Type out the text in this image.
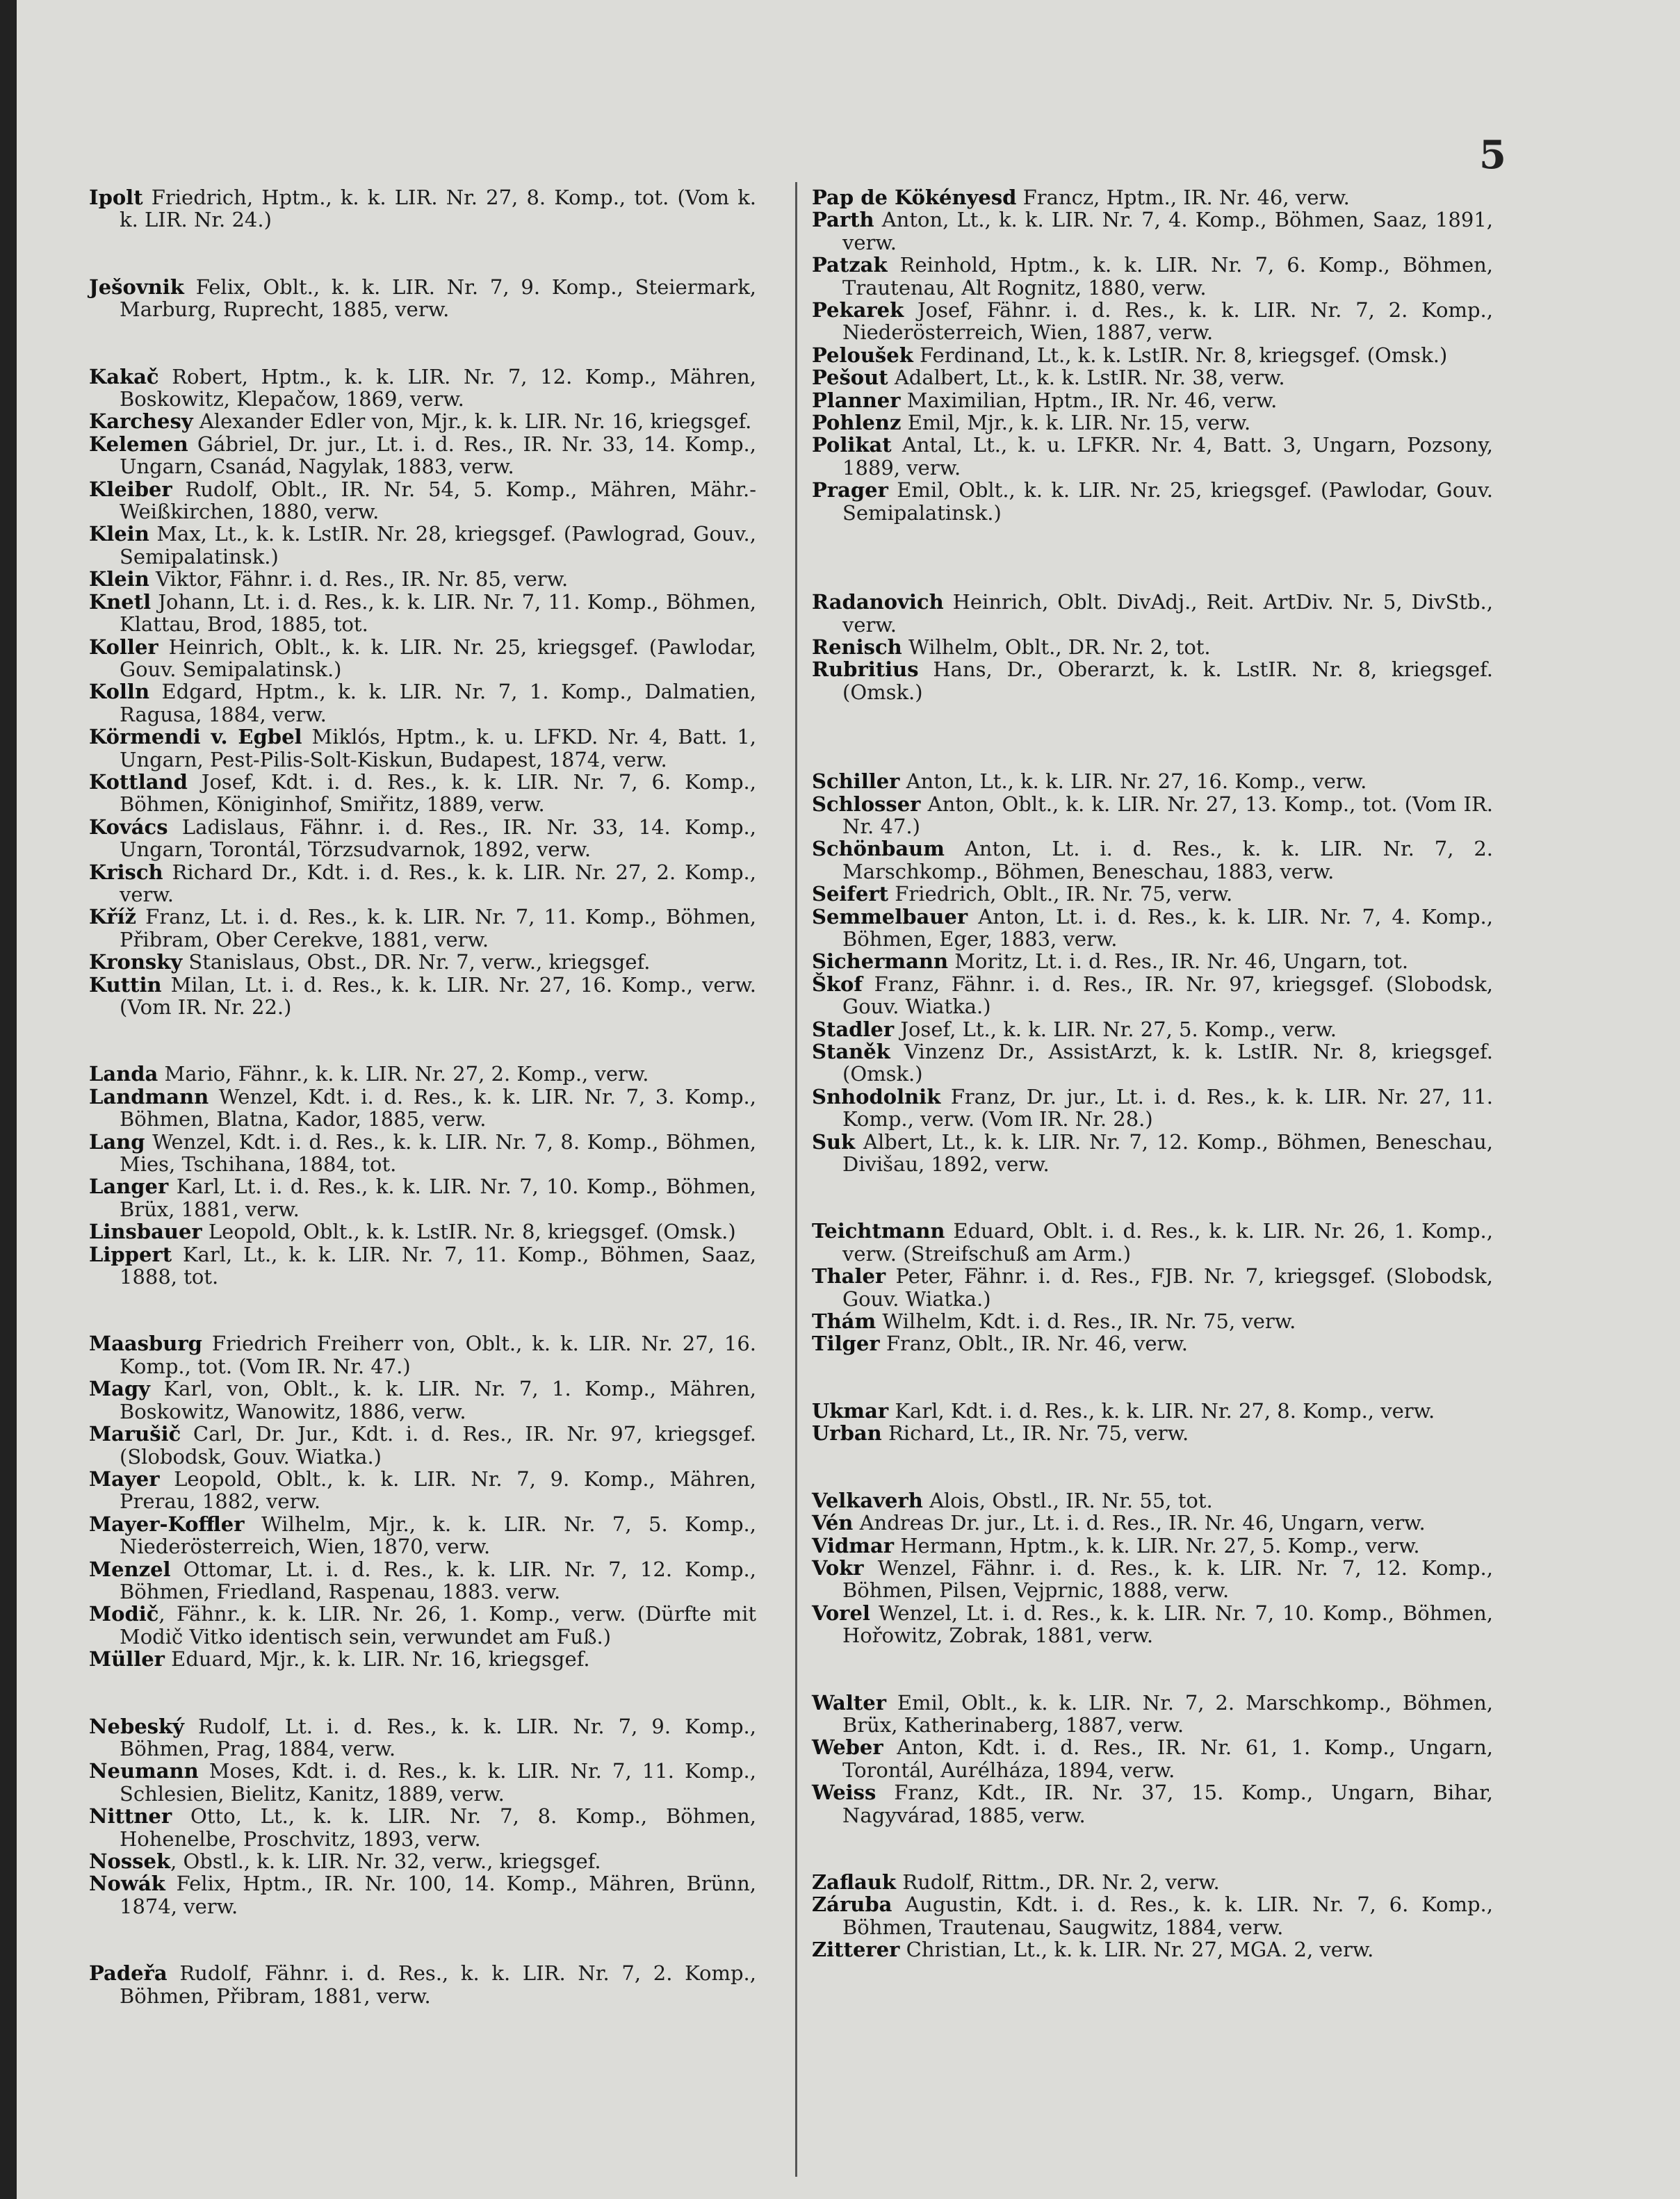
5

Ipolt Friedrich, Hptm., k. k. LIR. Nr. 27, 8. Komp., tot. (Vom k. k. LIR. Nr. 24.)

Ješovnik Felix, Oblt., k. k. LIR. Nr. 7, 9. Komp., Steiermark, Marburg, Ruprecht, 1885, verw.

Kakač Robert, Hptm., k. k. LIR. Nr. 7, 12. Komp., Mähren, Boskowitz, Klepačow, 1869, verw.

Karchesy Alexander Edler von, Mjr., k. k. LIR. Nr. 16, kriegsgef.

Kelemen Gábriel, Dr. jur., Lt. i. d. Res., IR. Nr. 33, 14. Komp., Ungarn, Csanád, Nagylak, 1883, verw.

Kleiber Rudolf, Oblt., IR. Nr. 54, 5. Komp., Mähren, Mähr.-Weißkirchen, 1880, verw.

Klein Max, Lt., k. k. LstIR. Nr. 28, kriegsgef. (Pawlograd, Gouv., Semipalatinsk.)

Klein Viktor, Fähnr. i. d. Res., IR. Nr. 85, verw.

Knetl Johann, Lt. i. d. Res., k. k. LIR. Nr. 7, 11. Komp., Böhmen, Klattau, Brod, 1885, tot.

Koller Heinrich, Oblt., k. k. LIR. Nr. 25, kriegsgef. (Pawlodar, Gouv. Semipalatinsk.)

Kolln Edgard, Hptm., k. k. LIR. Nr. 7, 1. Komp., Dalmatien, Ragusa, 1884, verw.

Körmendi v. Egbel Miklós, Hptm., k. u. LFKD. Nr. 4, Batt. 1, Ungarn, Pest-Pilis-Solt-Kiskun, Budapest, 1874, verw.

Kottland Josef, Kdt. i. d. Res., k. k. LIR. Nr. 7, 6. Komp., Böhmen, Königinhof, Smiřitz, 1889, verw.

Kovács Ladislaus, Fähnr. i. d. Res., IR. Nr. 33, 14. Komp., Ungarn, Torontál, Törzsudvarnok, 1892, verw.

Krisch Richard Dr., Kdt. i. d. Res., k. k. LIR. Nr. 27, 2. Komp., verw.

Kříž Franz, Lt. i. d. Res., k. k. LIR. Nr. 7, 11. Komp., Böhmen, Přibram, Ober Cerekve, 1881, verw.

Kronsky Stanislaus, Obst., DR. Nr. 7, verw., kriegsgef.

Kuttin Milan, Lt. i. d. Res., k. k. LIR. Nr. 27, 16. Komp., verw. (Vom IR. Nr. 22.)

Landa Mario, Fähnr., k. k. LIR. Nr. 27, 2. Komp., verw.

Landmann Wenzel, Kdt. i. d. Res., k. k. LIR. Nr. 7, 3. Komp., Böhmen, Blatna, Kador, 1885, verw.

Lang Wenzel, Kdt. i. d. Res., k. k. LIR. Nr. 7, 8. Komp., Böhmen, Mies, Tschihana, 1884, tot.

Langer Karl, Lt. i. d. Res., k. k. LIR. Nr. 7, 10. Komp., Böhmen, Brüx, 1881, verw.

Linsbauer Leopold, Oblt., k. k. LstIR. Nr. 8, kriegsgef. (Omsk.)

Lippert Karl, Lt., k. k. LIR. Nr. 7, 11. Komp., Böhmen, Saaz, 1888, tot.

Maasburg Friedrich Freiherr von, Oblt., k. k. LIR. Nr. 27, 16. Komp., tot. (Vom IR. Nr. 47.)

Magy Karl, von, Oblt., k. k. LIR. Nr. 7, 1. Komp., Mähren, Boskowitz, Wanowitz, 1886, verw.

Marušič Carl, Dr. Jur., Kdt. i. d. Res., IR. Nr. 97, kriegsgef. (Slobodsk, Gouv. Wiatka.)

Mayer Leopold, Oblt., k. k. LIR. Nr. 7, 9. Komp., Mähren, Prerau, 1882, verw.

Mayer-Koffler Wilhelm, Mjr., k. k. LIR. Nr. 7, 5. Komp., Niederösterreich, Wien, 1870, verw.

Menzel Ottomar, Lt. i. d. Res., k. k. LIR. Nr. 7, 12. Komp., Böhmen, Friedland, Raspenau, 1883. verw.

Modič, Fähnr., k. k. LIR. Nr. 26, 1. Komp., verw. (Dürfte mit Modič Vitko identisch sein, verwundet am Fuß.)

Müller Eduard, Mjr., k. k. LIR. Nr. 16, kriegsgef.

Nebeský Rudolf, Lt. i. d. Res., k. k. LIR. Nr. 7, 9. Komp., Böhmen, Prag, 1884, verw.

Neumann Moses, Kdt. i. d. Res., k. k. LIR. Nr. 7, 11. Komp., Schlesien, Bielitz, Kanitz, 1889, verw.

Nittner Otto, Lt., k. k. LIR. Nr. 7, 8. Komp., Böhmen, Hohenelbe, Proschvitz, 1893, verw.

Nossek, Obstl., k. k. LIR. Nr. 32, verw., kriegsgef.

Nowák Felix, Hptm., IR. Nr. 100, 14. Komp., Mähren, Brünn, 1874, verw.

Padeřa Rudolf, Fähnr. i. d. Res., k. k. LIR. Nr. 7, 2. Komp., Böhmen, Přibram, 1881, verw.

Pap de Kökényesd Francz, Hptm., IR. Nr. 46, verw.

Parth Anton, Lt., k. k. LIR. Nr. 7, 4. Komp., Böhmen, Saaz, 1891, verw.

Patzak Reinhold, Hptm., k. k. LIR. Nr. 7, 6. Komp., Böhmen, Trautenau, Alt Rognitz, 1880, verw.

Pekarek Josef, Fähnr. i. d. Res., k. k. LIR. Nr. 7, 2. Komp., Niederösterreich, Wien, 1887, verw.

Peloušek Ferdinand, Lt., k. k. LstIR. Nr. 8, kriegsgef. (Omsk.)

Pešout Adalbert, Lt., k. k. LstIR. Nr. 38, verw.

Planner Maximilian, Hptm., IR. Nr. 46, verw.

Pohlenz Emil, Mjr., k. k. LIR. Nr. 15, verw.

Polikat Antal, Lt., k. u. LFKR. Nr. 4, Batt. 3, Ungarn, Pozsony, 1889, verw.

Prager Emil, Oblt., k. k. LIR. Nr. 25, kriegsgef. (Pawlodar, Gouv. Semipalatinsk.)

Radanovich Heinrich, Oblt. DivAdj., Reit. ArtDiv. Nr. 5, DivStb., verw.

Renisch Wilhelm, Oblt., DR. Nr. 2, tot.

Rubritius Hans, Dr., Oberarzt, k. k. LstIR. Nr. 8, kriegsgef. (Omsk.)

Schiller Anton, Lt., k. k. LIR. Nr. 27, 16. Komp., verw.

Schlosser Anton, Oblt., k. k. LIR. Nr. 27, 13. Komp., tot. (Vom IR. Nr. 47.)

Schönbaum Anton, Lt. i. d. Res., k. k. LIR. Nr. 7, 2. Marschkomp., Böhmen, Beneschau, 1883, verw.

Seifert Friedrich, Oblt., IR. Nr. 75, verw.

Semmelbauer Anton, Lt. i. d. Res., k. k. LIR. Nr. 7, 4. Komp., Böhmen, Eger, 1883, verw.

Sichermann Moritz, Lt. i. d. Res., IR. Nr. 46, Ungarn, tot.

Škof Franz, Fähnr. i. d. Res., IR. Nr. 97, kriegsgef. (Slobodsk, Gouv. Wiatka.)

Stadler Josef, Lt., k. k. LIR. Nr. 27, 5. Komp., verw.

Staněk Vinzenz Dr., AssistArzt, k. k. LstIR. Nr. 8, kriegsgef. (Omsk.)

Snhodolnik Franz, Dr. jur., Lt. i. d. Res., k. k. LIR. Nr. 27, 11. Komp., verw. (Vom IR. Nr. 28.)

Suk Albert, Lt., k. k. LIR. Nr. 7, 12. Komp., Böhmen, Beneschau, Divišau, 1892, verw.

Teichtmann Eduard, Oblt. i. d. Res., k. k. LIR. Nr. 26, 1. Komp., verw. (Streifschuß am Arm.)

Thaler Peter, Fähnr. i. d. Res., FJB. Nr. 7, kriegsgef. (Slobodsk, Gouv. Wiatka.)

Thám Wilhelm, Kdt. i. d. Res., IR. Nr. 75, verw.

Tilger Franz, Oblt., IR. Nr. 46, verw.

Ukmar Karl, Kdt. i. d. Res., k. k. LIR. Nr. 27, 8. Komp., verw.

Urban Richard, Lt., IR. Nr. 75, verw.

Velkaverh Alois, Obstl., IR. Nr. 55, tot.

Vén Andreas Dr. jur., Lt. i. d. Res., IR. Nr. 46, Ungarn, verw.

Vidmar Hermann, Hptm., k. k. LIR. Nr. 27, 5. Komp., verw.

Vokr Wenzel, Fähnr. i. d. Res., k. k. LIR. Nr. 7, 12. Komp., Böhmen, Pilsen, Vejprnic, 1888, verw.

Vorel Wenzel, Lt. i. d. Res., k. k. LIR. Nr. 7, 10. Komp., Böhmen, Hořowitz, Zobrak, 1881, verw.

Walter Emil, Oblt., k. k. LIR. Nr. 7, 2. Marschkomp., Böhmen, Brüx, Katherinaberg, 1887, verw.

Weber Anton, Kdt. i. d. Res., IR. Nr. 61, 1. Komp., Ungarn, Torontál, Aurélháza, 1894, verw.

Weiss Franz, Kdt., IR. Nr. 37, 15. Komp., Ungarn, Bihar, Nagyvárad, 1885, verw.

Zaflauk Rudolf, Rittm., DR. Nr. 2, verw.

Záruba Augustin, Kdt. i. d. Res., k. k. LIR. Nr. 7, 6. Komp., Böhmen, Trautenau, Saugwitz, 1884, verw.

Zitterer Christian, Lt., k. k. LIR. Nr. 27, MGA. 2, verw.
